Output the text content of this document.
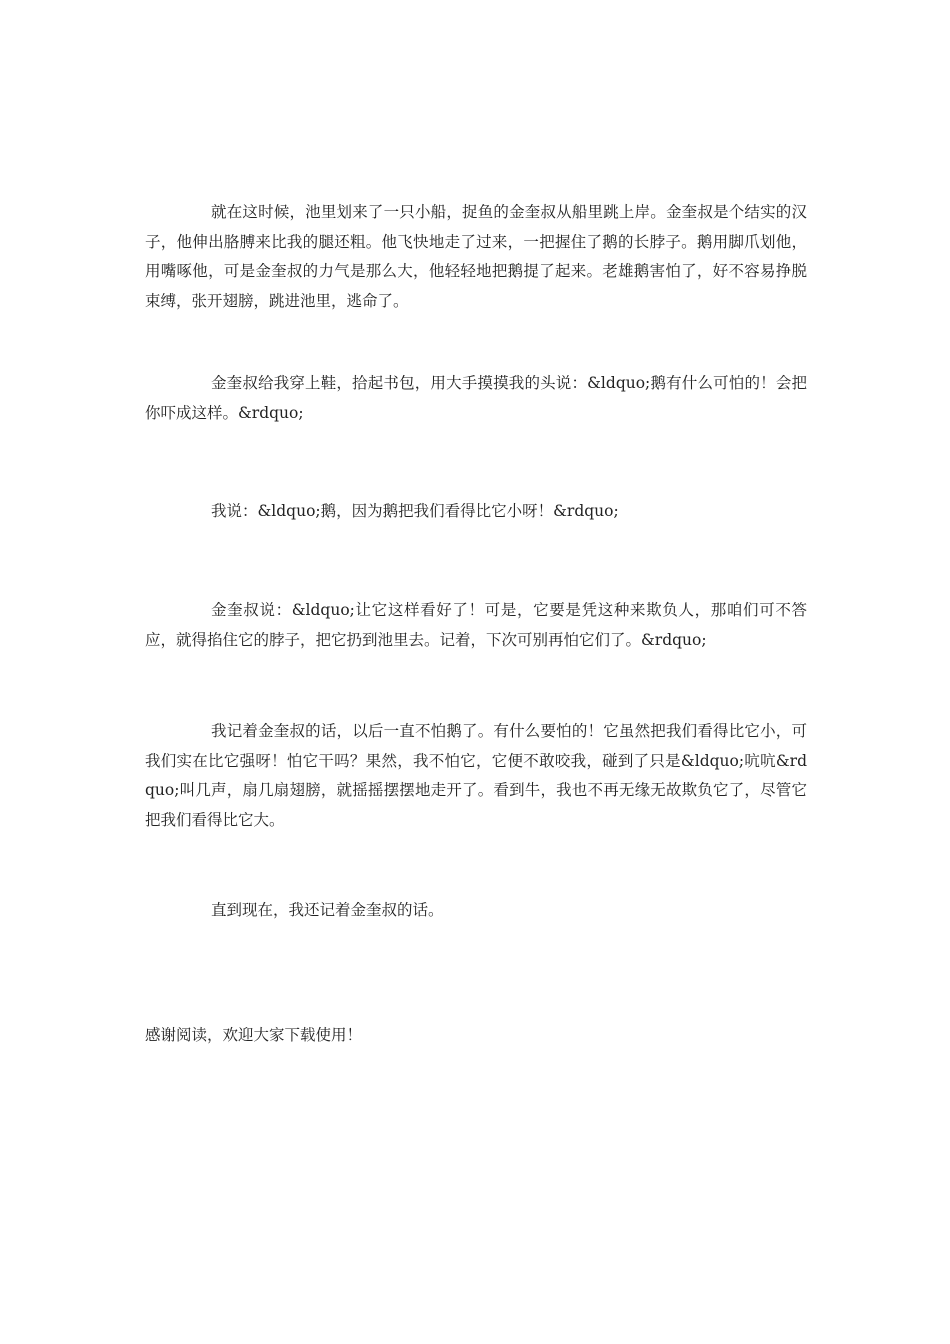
就在这时候，池里划来了一只小船，捉鱼的金奎叔从船里跳上岸。金奎叔是个结实的汉子，他伸出胳膊来比我的腿还粗。他飞快地走了过来，一把握住了鹅的长脖子。鹅用脚爪划他，用嘴啄他，可是金奎叔的力气是那么大，他轻轻地把鹅提了起来。老雄鹅害怕了，好不容易挣脱束缚，张开翅膀，跳进池里，逃命了。

金奎叔给我穿上鞋，拾起书包，用大手摸摸我的头说：&ldquo;鹅有什么可怕的！会把你吓成这样。&rdquo;

我说：&ldquo;鹅，因为鹅把我们看得比它小呀！&rdquo;

金奎叔说：&ldquo;让它这样看好了！可是，它要是凭这种来欺负人，那咱们可不答应，就得掐住它的脖子，把它扔到池里去。记着，下次可别再怕它们了。&rdquo;

我记着金奎叔的话，以后一直不怕鹅了。有什么要怕的！它虽然把我们看得比它小，可我们实在比它强呀！怕它干吗？果然，我不怕它，它便不敢咬我，碰到了只是&ldquo;吭吭&rdquo;叫几声，扇几扇翅膀，就摇摇摆摆地走开了。看到牛，我也不再无缘无故欺负它了，尽管它把我们看得比它大。

直到现在，我还记着金奎叔的话。

感谢阅读，欢迎大家下载使用！
